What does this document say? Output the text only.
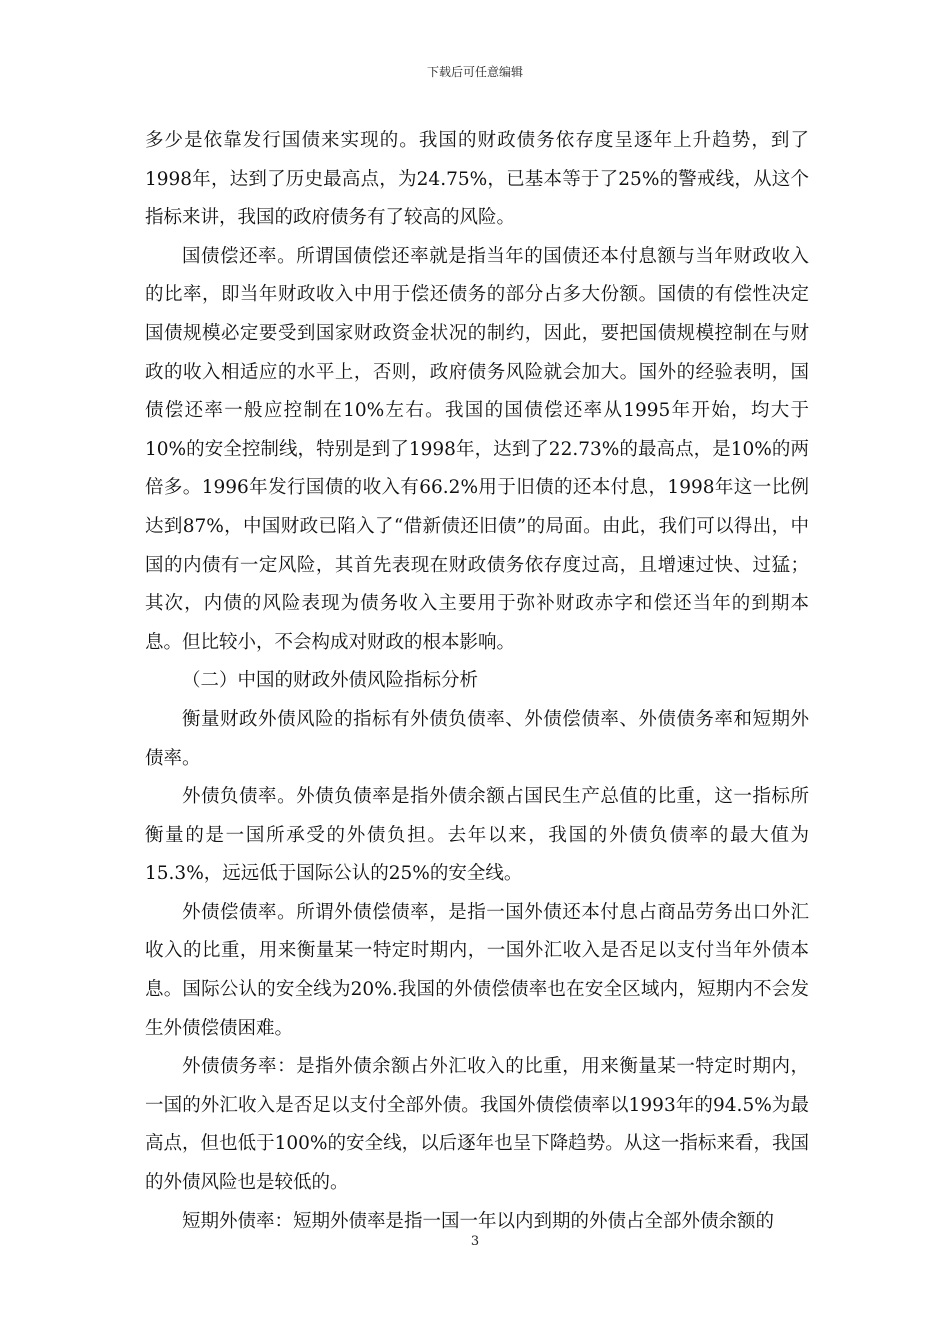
下载后可任意编辑

多少是依靠发行国债来实现的。我国的财政债务依存度呈逐年上升趋势，到了1998年，达到了历史最高点，为24.75%，已基本等于了25%的警戒线，从这个指标来讲，我国的政府债务有了较高的风险。

国债偿还率。所谓国债偿还率就是指当年的国债还本付息额与当年财政收入的比率，即当年财政收入中用于偿还债务的部分占多大份额。国债的有偿性决定国债规模必定要受到国家财政资金状况的制约，因此，要把国债规模控制在与财政的收入相适应的水平上，否则，政府债务风险就会加大。国外的经验表明，国债偿还率一般应控制在10%左右。我国的国债偿还率从1995年开始，均大于10%的安全控制线，特别是到了1998年，达到了22.73%的最高点，是10%的两倍多。1996年发行国债的收入有66.2%用于旧债的还本付息，1998年这一比例达到87%，中国财政已陷入了“借新债还旧债”的局面。由此，我们可以得出，中国的内债有一定风险，其首先表现在财政债务依存度过高，且增速过快、过猛；其次，内债的风险表现为债务收入主要用于弥补财政赤字和偿还当年的到期本息。但比较小，不会构成对财政的根本影响。

（二）中国的财政外债风险指标分析

衡量财政外债风险的指标有外债负债率、外债偿债率、外债债务率和短期外债率。

外债负债率。外债负债率是指外债余额占国民生产总值的比重，这一指标所衡量的是一国所承受的外债负担。去年以来，我国的外债负债率的最大值为15.3%，远远低于国际公认的25%的安全线。

外债偿债率。所谓外债偿债率，是指一国外债还本付息占商品劳务出口外汇收入的比重，用来衡量某一特定时期内，一国外汇收入是否足以支付当年外债本息。国际公认的安全线为20%.我国的外债偿债率也在安全区域内，短期内不会发生外债偿债困难。

外债债务率：是指外债余额占外汇收入的比重，用来衡量某一特定时期内，一国的外汇收入是否足以支付全部外债。我国外债偿债率以1993年的94.5%为最高点，但也低于100%的安全线，以后逐年也呈下降趋势。从这一指标来看，我国的外债风险也是较低的。

短期外债率：短期外债率是指一国一年以内到期的外债占全部外债余额的

3
